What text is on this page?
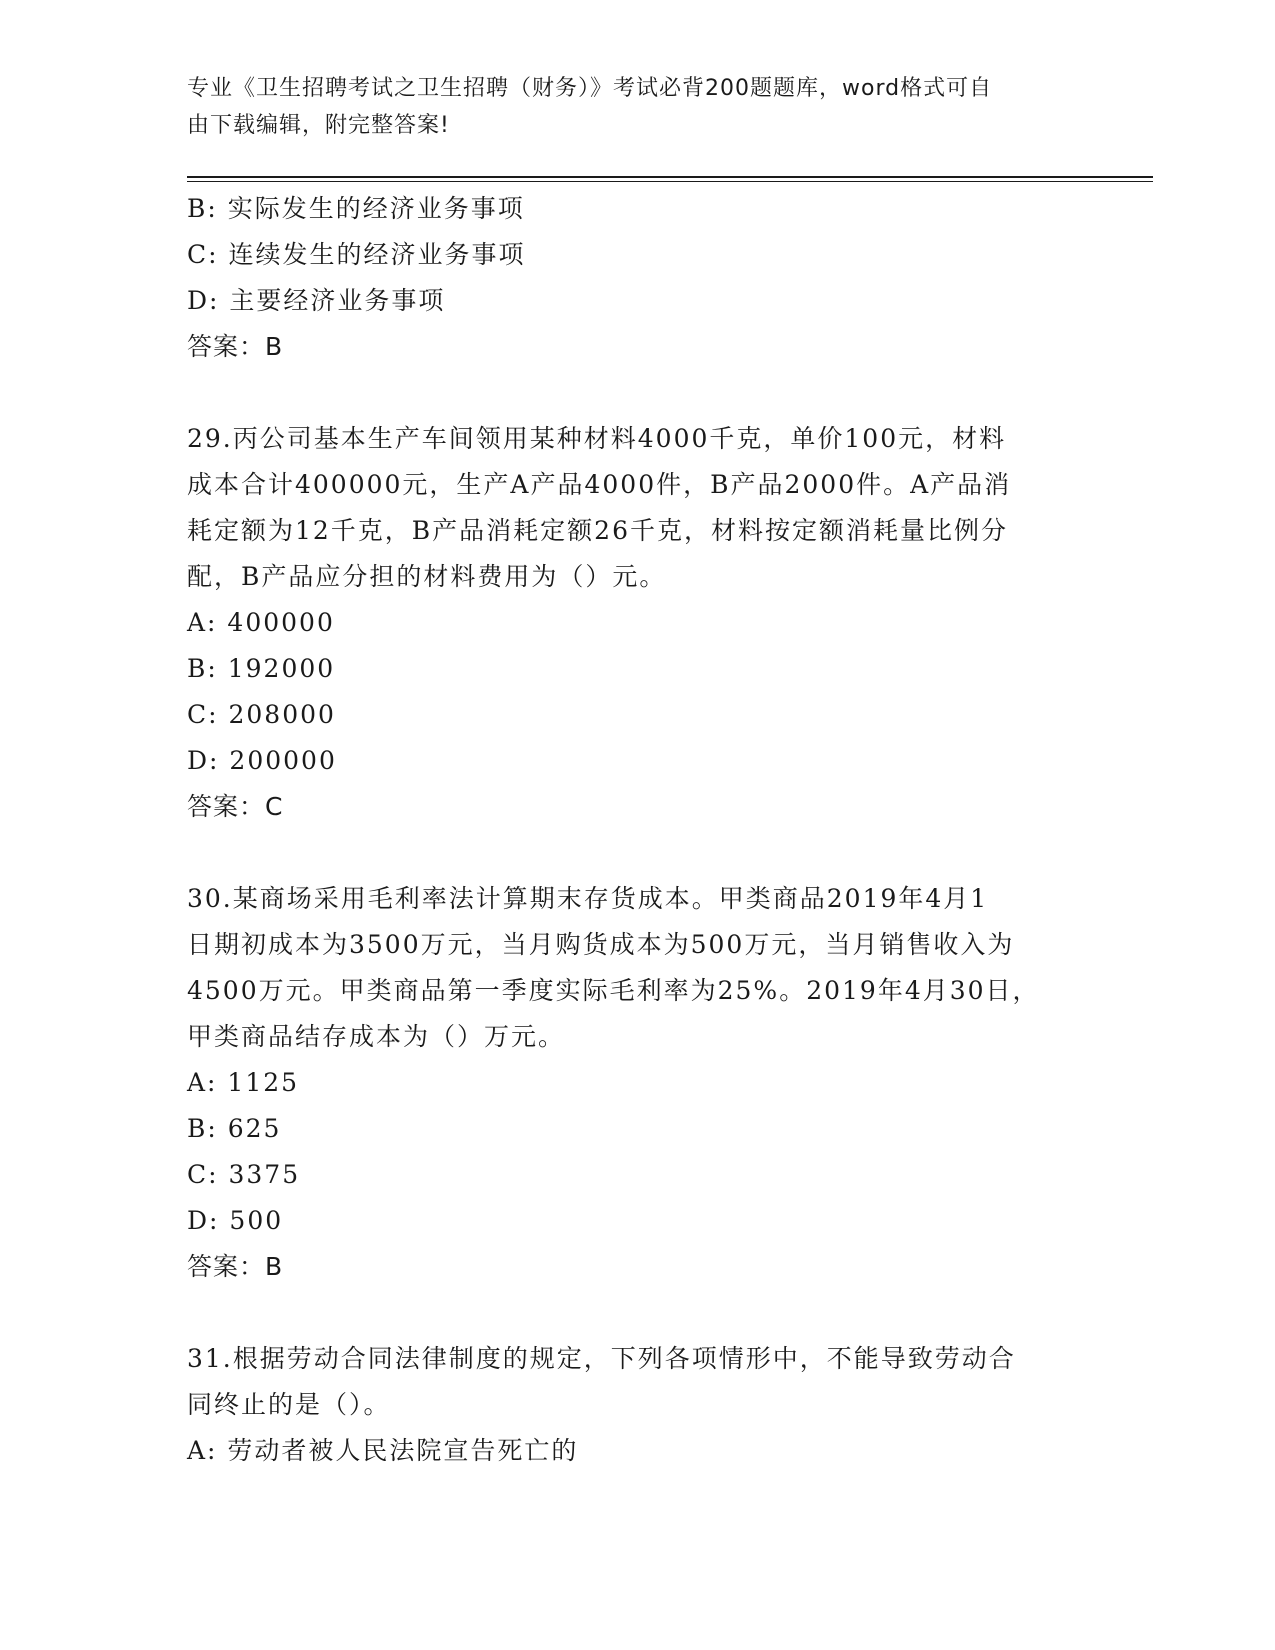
专业《卫生招聘考试之卫生招聘（财务）》考试必背200题题库，word格式可自
由下载编辑，附完整答案!

B: 实际发生的经济业务事项

C: 连续发生的经济业务事项

D: 主要经济业务事项

答案：B

29.丙公司基本生产车间领用某种材料4000千克，单价100元，材料

成本合计400000元，生产A产品4000件，B产品2000件。A产品消

耗定额为12千克，B产品消耗定额26千克，材料按定额消耗量比例分

配，B产品应分担的材料费用为（）元。

A: 400000

B: 192000

C: 208000

D: 200000

答案：C

30.某商场采用毛利率法计算期末存货成本。甲类商品2019年4月1

日期初成本为3500万元，当月购货成本为500万元，当月销售收入为

4500万元。甲类商品第一季度实际毛利率为25%。2019年4月30日，

甲类商品结存成本为（）万元。

A: 1125

B: 625

C: 3375

D: 500

答案：B

31.根据劳动合同法律制度的规定，下列各项情形中，不能导致劳动合

同终止的是（）。

A: 劳动者被人民法院宣告死亡的
